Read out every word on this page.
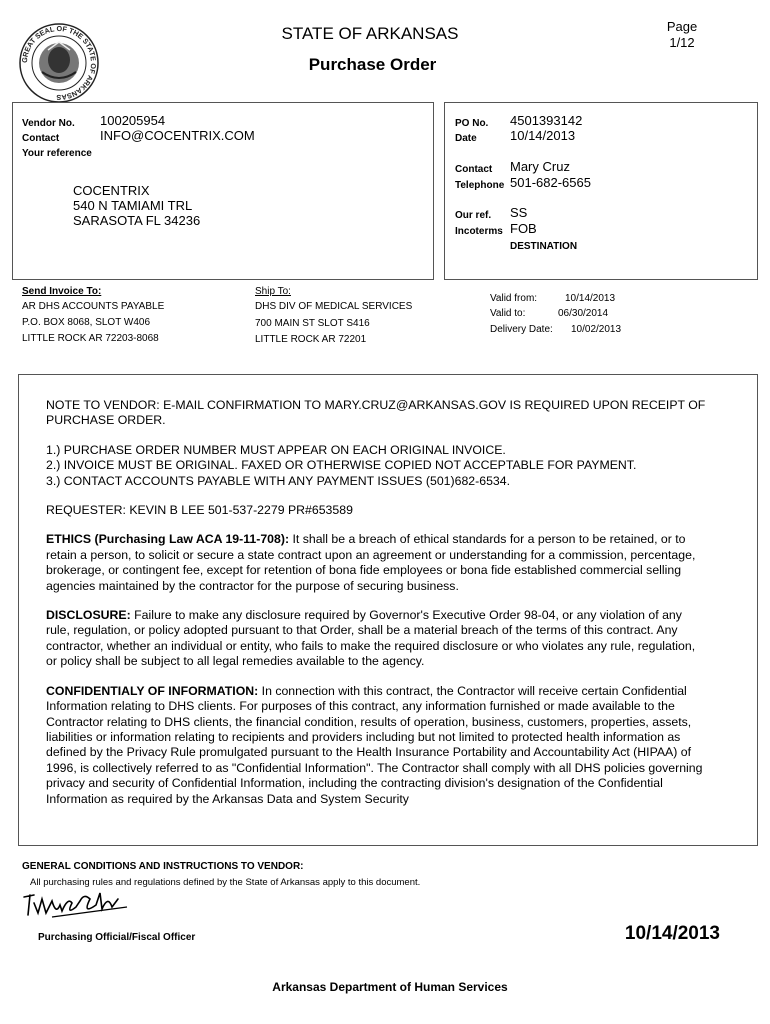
GREAT SEAL OF THE STATE OF ARKANSAS
STATE OF ARKANSAS
Purchase Order
Page
1/12
Vendor No. 100205954
Contact	INFO@COCENTRIX.COM
Your reference
COCENTRIX
540 N TAMIAMI TRL
SARASOTA FL 34236
PO No. 4501393142
Date	10/14/2013
Contact Mary Cruz
Telephone 501-682-6565
Our ref. SS
Incoterms FOB
DESTINATION
Send Invoice To:
AR DHS ACCOUNTS PAYABLE
P.O. BOX 8068, SLOT W406
LITTLE ROCK AR 72203-8068
Ship To:
DHS DIV OF MEDICAL SERVICES
700 MAIN ST SLOT S416
LITTLE ROCK AR 72201
Valid from:	10/14/2013
Valid to:	06/30/2014
Delivery Date: 10/02/2013

NOTE TO VENDOR: E-MAIL CONFIRMATION TO MARY.CRUZ@ARKANSAS.GOV IS REQUIRED UPON RECEIPT OF PURCHASE ORDER.

1.) PURCHASE ORDER NUMBER MUST APPEAR ON EACH ORIGINAL INVOICE.
2.) INVOICE MUST BE ORIGINAL. FAXED OR OTHERWISE COPIED NOT ACCEPTABLE FOR PAYMENT.

3.) CONTACT ACCOUNTS PAYABLE WITH ANY PAYMENT ISSUES (501)682-6534.

REQUESTER: KEVIN B LEE 501-537-2279 PR#653589

ETHICS (Purchasing Law ACA 19-11-708): It shall be a breach of ethical standards for a person to be retained, or to retain a person, to solicit or secure a state contract upon an agreement or understanding for a commission, percentage, brokerage, or contingent fee, except for retention of bona fide employees or bona fide established commercial selling agencies maintained by the contractor for the purpose of securing business.

DISCLOSURE: Failure to make any disclosure required by Governor's Executive Order 98-04, or any violation of any rule, regulation, or policy adopted pursuant to that Order, shall be a material breach of the terms of this contract. Any contractor, whether an individual or entity, who fails to make the required disclosure or who violates any rule, regulation, or policy shall be subject to all legal remedies available to the agency.

CONFIDENTIALY OF INFORMATION: In connection with this contract, the Contractor will receive certain Confidential Information relating to DHS clients. For purposes of this contract, any information furnished or made available to the Contractor relating to DHS clients, the financial condition, results of operation, business, customers, properties, assets, liabilities or information relating to recipients and providers including but not limited to protected health information as defined by the Privacy Rule promulgated pursuant to the Health Insurance Portability and Accountability Act (HIPAA) of 1996, is collectively referred to as "Confidential Information". The Contractor shall comply with all DHS policies governing privacy and security of Confidential Information, including the contracting division's designation of the Confidential Information as required by the Arkansas Data and System Security

GENERAL CONDITIONS AND INSTRUCTIONS TO VENDOR:
All purchasing rules and regulations defined by the State of Arkansas apply to this document.
Purchasing Official/Fiscal Officer	10/14/2013
Arkansas Department of Human Services
